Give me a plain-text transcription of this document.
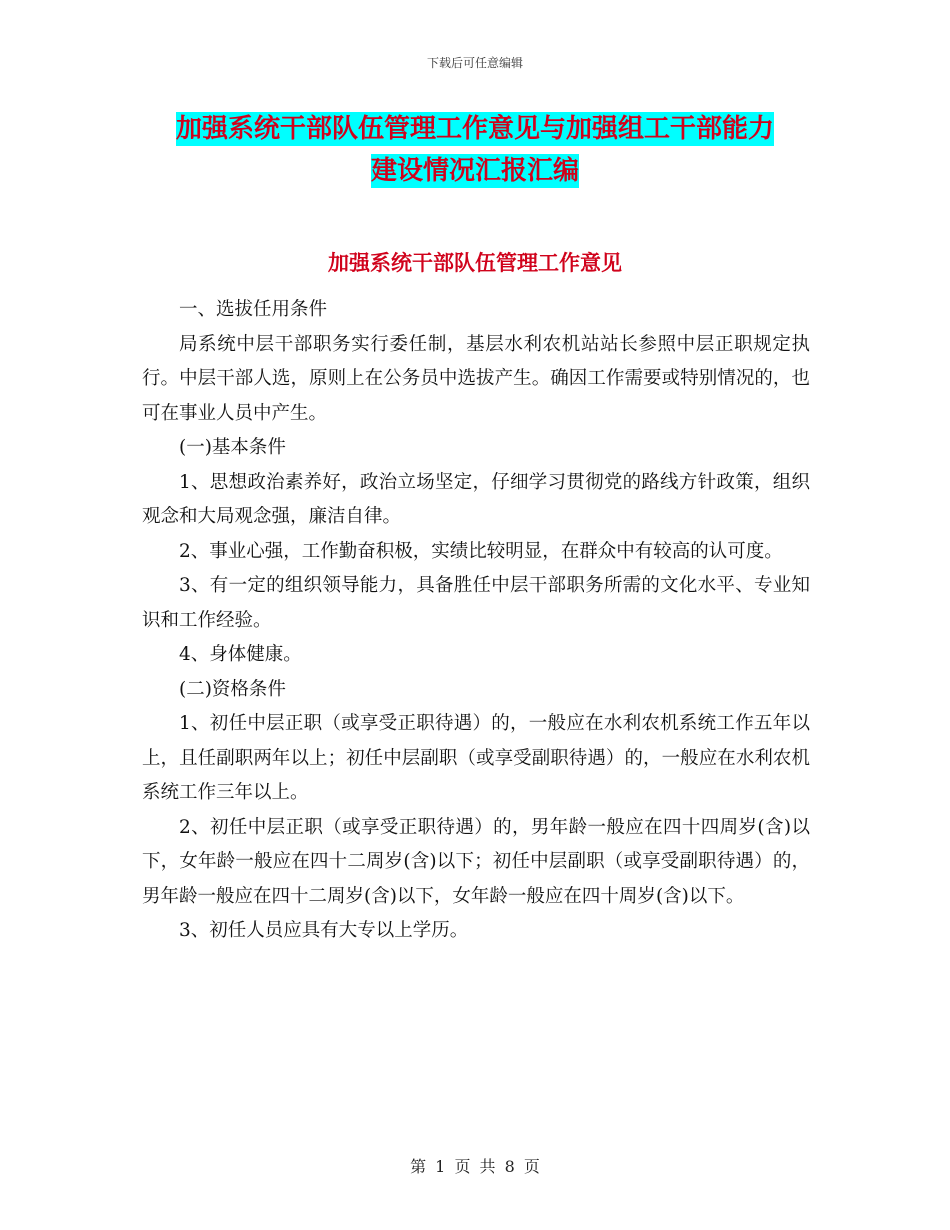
下载后可任意编辑
加强系统干部队伍管理工作意见与加强组工干部能力
建设情况汇报汇编
加强系统干部队伍管理工作意见

一、选拔任用条件

局系统中层干部职务实行委任制，基层水利农机站站长参照中层正职规定执行。中层干部人选，原则上在公务员中选拔产生。确因工作需要或特别情况的，也可在事业人员中产生。

(一)基本条件

1、思想政治素养好，政治立场坚定，仔细学习贯彻党的路线方针政策，组织观念和大局观念强，廉洁自律。

2、事业心强，工作勤奋积极，实绩比较明显，在群众中有较高的认可度。

3、有一定的组织领导能力，具备胜任中层干部职务所需的文化水平、专业知识和工作经验。

4、身体健康。

(二)资格条件

1、初任中层正职（或享受正职待遇）的，一般应在水利农机系统工作五年以上，且任副职两年以上；初任中层副职（或享受副职待遇）的，一般应在水利农机系统工作三年以上。

2、初任中层正职（或享受正职待遇）的，男年龄一般应在四十四周岁(含)以下，女年龄一般应在四十二周岁(含)以下；初任中层副职（或享受副职待遇）的，男年龄一般应在四十二周岁(含)以下，女年龄一般应在四十周岁(含)以下。

3、初任人员应具有大专以上学历。

第 1 页 共 8 页
